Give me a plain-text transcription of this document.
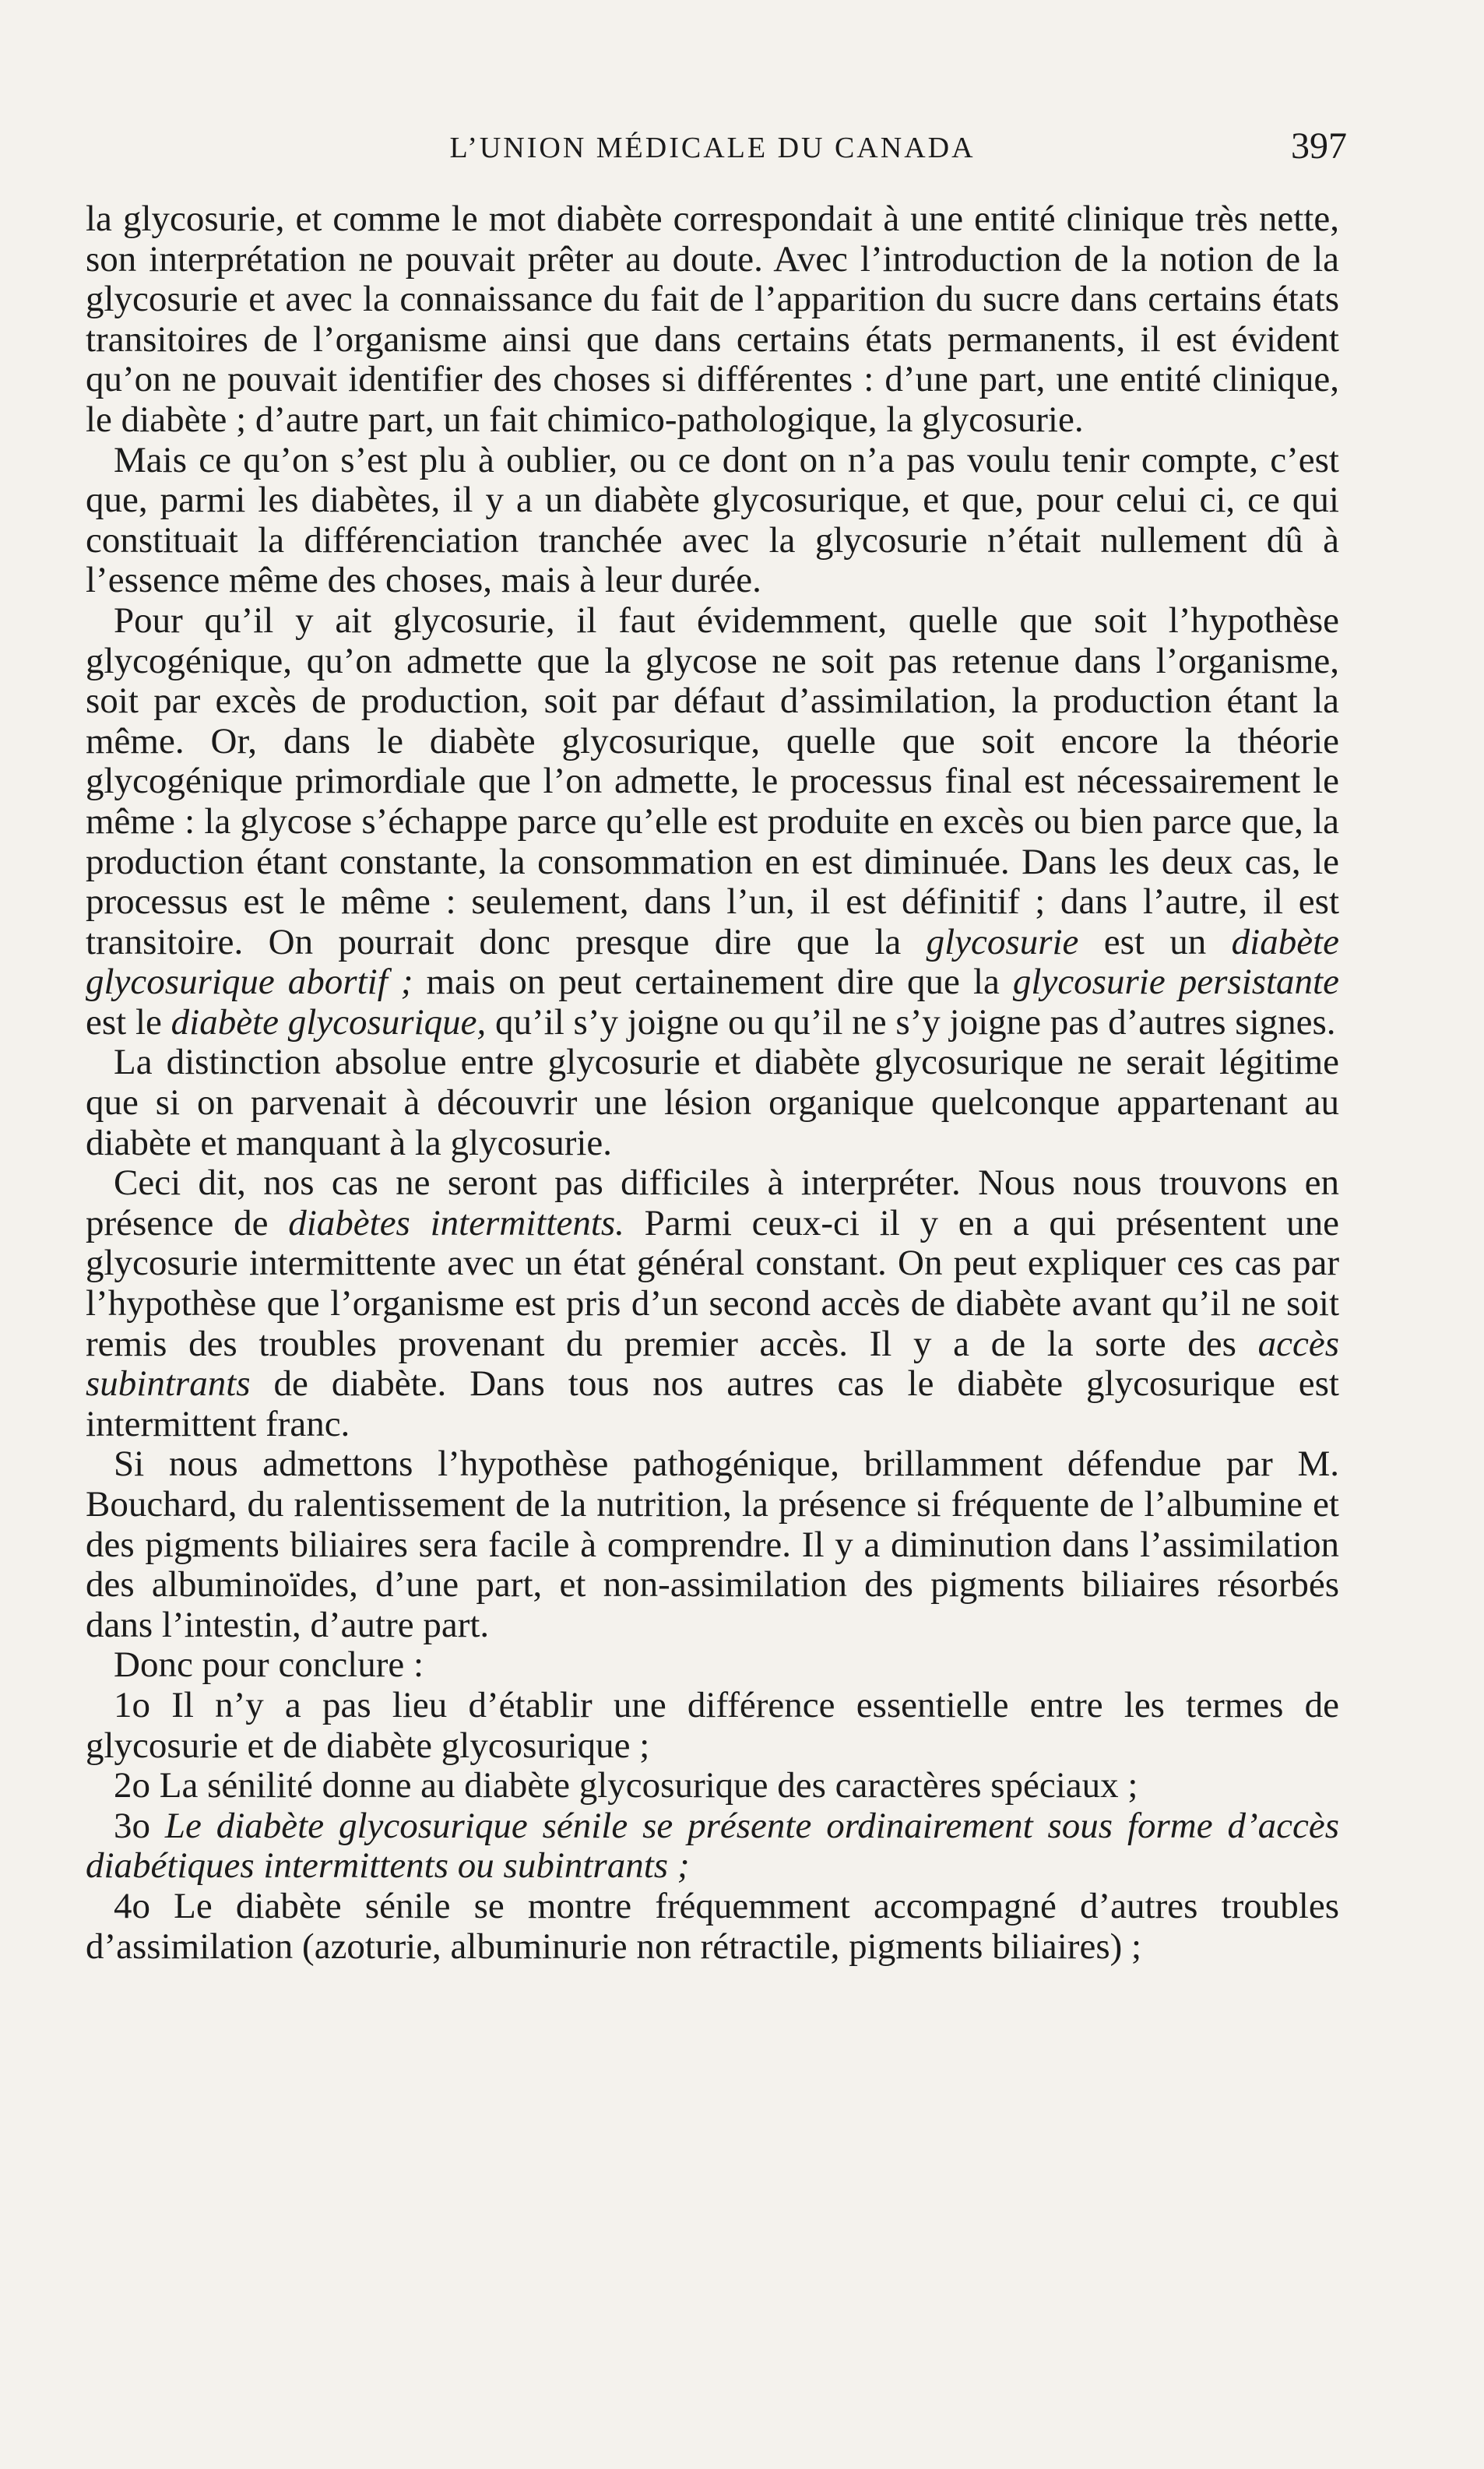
L’UNION MÉDICALE DU CANADA	397

la glycosurie, et comme le mot diabète correspondait à une entité clinique très nette, son interprétation ne pouvait prêter au doute. Avec l’introduction de la notion de la glycosurie et avec la connaissance du fait de l’apparition du sucre dans certains états transitoires de l’organisme ainsi que dans certains états permanents, il est évident qu’on ne pouvait identifier des choses si différentes : d’une part, une entité clinique, le diabète ; d’autre part, un fait chimico-pathologique, la glycosurie.

Mais ce qu’on s’est plu à oublier, ou ce dont on n’a pas voulu tenir compte, c’est que, parmi les diabètes, il y a un diabète glycosurique, et que, pour celui ci, ce qui constituait la différenciation tranchée avec la glycosurie n’était nullement dû à l’essence même des choses, mais à leur durée.

Pour qu’il y ait glycosurie, il faut évidemment, quelle que soit l’hypothèse glycogénique, qu’on admette que la glycose ne soit pas retenue dans l’organisme, soit par excès de production, soit par défaut d’assimilation, la production étant la même. Or, dans le diabète glycosurique, quelle que soit encore la théorie glycogénique primordiale que l’on admette, le processus final est nécessairement le même : la glycose s’échappe parce qu’elle est produite en excès ou bien parce que, la production étant constante, la consommation en est diminuée. Dans les deux cas, le processus est le même : seulement, dans l’un, il est définitif ; dans l’autre, il est transitoire. On pourrait donc presque dire que la glycosurie est un diabète glycosurique abortif ; mais on peut certainement dire que la glycosurie persistante est le diabète glycosurique, qu’il s’y joigne ou qu’il ne s’y joigne pas d’autres signes.

La distinction absolue entre glycosurie et diabète glycosurique ne serait légitime que si on parvenait à découvrir une lésion organique quelconque appartenant au diabète et manquant à la glycosurie.

Ceci dit, nos cas ne seront pas difficiles à interpréter. Nous nous trouvons en présence de diabètes intermittents. Parmi ceux-ci il y en a qui présentent une glycosurie intermittente avec un état général constant. On peut expliquer ces cas par l’hypothèse que l’organisme est pris d’un second accès de diabète avant qu’il ne soit remis des troubles provenant du premier accès. Il y a de la sorte des accès subintrants de diabète. Dans tous nos autres cas le diabète glycosurique est intermittent franc.

Si nous admettons l’hypothèse pathogénique, brillamment défendue par M. Bouchard, du ralentissement de la nutrition, la présence si fréquente de l’albumine et des pigments biliaires sera facile à comprendre. Il y a diminution dans l’assimilation des albuminoïdes, d’une part, et non-assimilation des pigments biliaires résorbés dans l’intestin, d’autre part.

Donc pour conclure :

1o Il n’y a pas lieu d’établir une différence essentielle entre les termes de glycosurie et de diabète glycosurique ;

2o La sénilité donne au diabète glycosurique des caractères spéciaux ;

3o Le diabète glycosurique sénile se présente ordinairement sous forme d’accès diabétiques intermittents ou subintrants ;

4o Le diabète sénile se montre fréquemment accompagné d’autres troubles d’assimilation (azoturie, albuminurie non rétractile, pigments biliaires) ;
